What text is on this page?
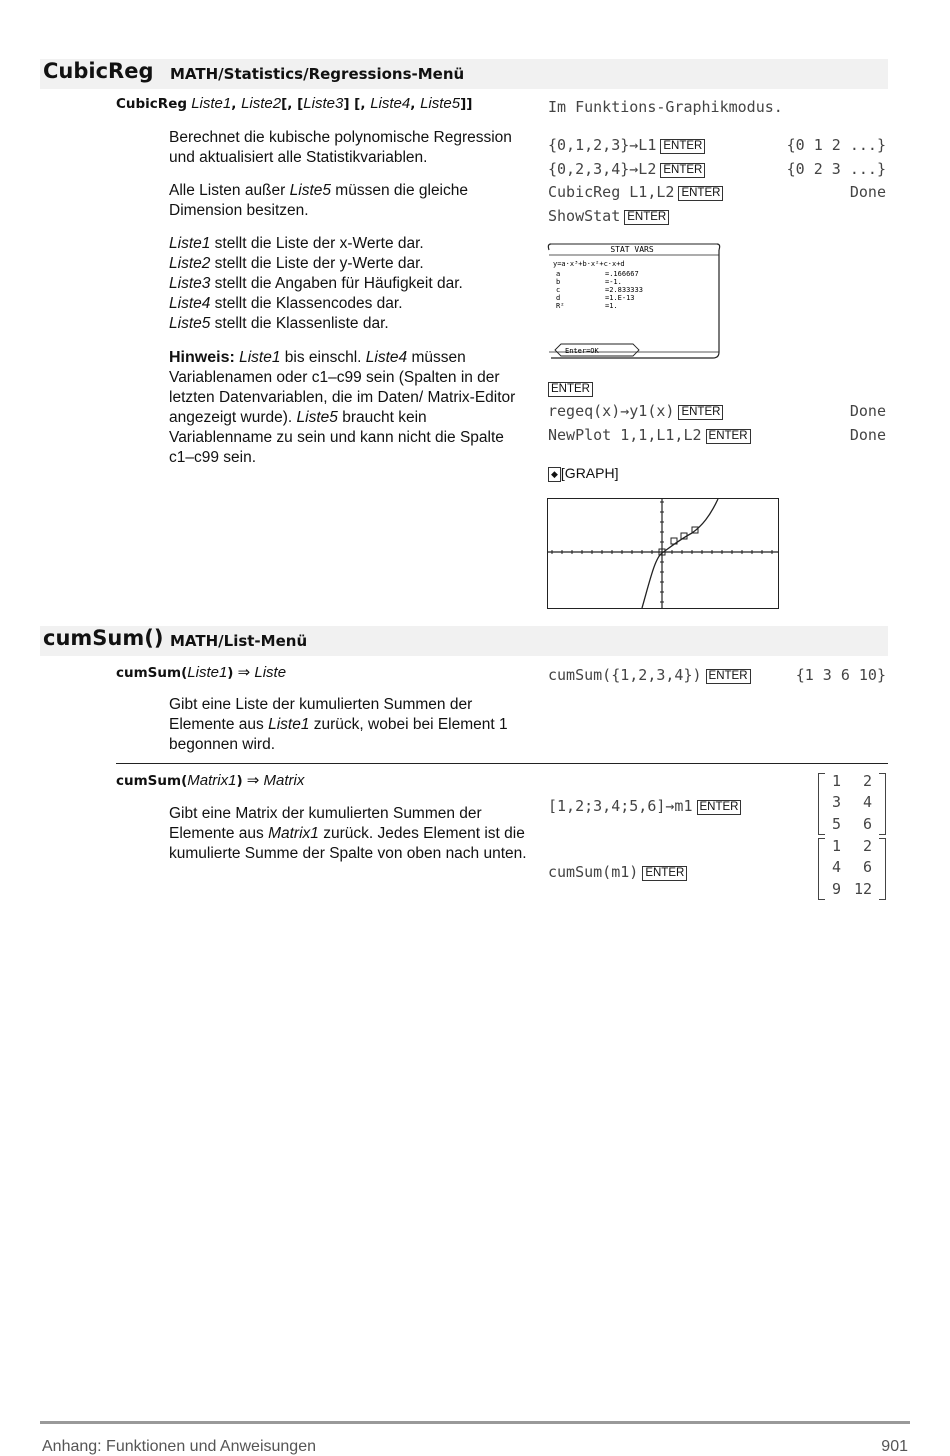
CubicReg MATH/Statistics/Regressions-Menü
CubicReg Liste1, Liste2[, [Liste3] [, Liste4, Liste5]]
Berechnet die kubische polynomische Regression und aktualisiert alle Statistikvariablen.
Alle Listen außer Liste5 müssen die gleiche Dimension besitzen.
Liste1 stellt die Liste der x-Werte dar.
Liste2 stellt die Liste der y-Werte dar.
Liste3 stellt die Angaben für Häufigkeit dar.
Liste4 stellt die Klassencodes dar.
Liste5 stellt die Klassenliste dar.
Hinweis: Liste1 bis einschl. Liste4 müssen Variablenamen oder c1–c99 sein (Spalten in der letzten Datenvariablen, die im Daten/ Matrix-Editor angezeigt wurde). Liste5 braucht kein Variablenname zu sein und kann nicht die Spalte c1–c99 sein.
Im Funktions-Graphikmodus.
{0,1,2,3}→L1 ENTER	{0 1 2 ...}
{0,2,3,4}→L2 ENTER	{0 2 3 ...}
CubicReg L1,L2 ENTER	Done
ShowStat ENTER
STAT VARS
y=a·x³+b·x²+c·x+d
a	=.166667
b	=-1.
c	=2.833333
d	=1.E-13
R²	=1.
Enter=OK
ENTER
regeq(x)→y1(x) ENTER	Done
NewPlot 1,1,L1,L2 ENTER	Done
◆ [GRAPH]
cumSum() MATH/List-Menü
cumSum(Liste1) ⇒ Liste
Gibt eine Liste der kumulierten Summen der Elemente aus Liste1 zurück, wobei bei Element 1 begonnen wird.
cumSum({1,2,3,4}) ENTER	{1 3 6 10}
cumSum(Matrix1) ⇒ Matrix
Gibt eine Matrix der kumulierten Summen der Elemente aus Matrix1 zurück. Jedes Element ist die kumulierte Summe der Spalte von oben nach unten.
[1,2;3,4;5,6]→m1 ENTER
cumSum(m1) ENTER
1 2
3 4
5 6
1 2
4 6
9 12
Anhang: Funktionen und Anweisungen	901
